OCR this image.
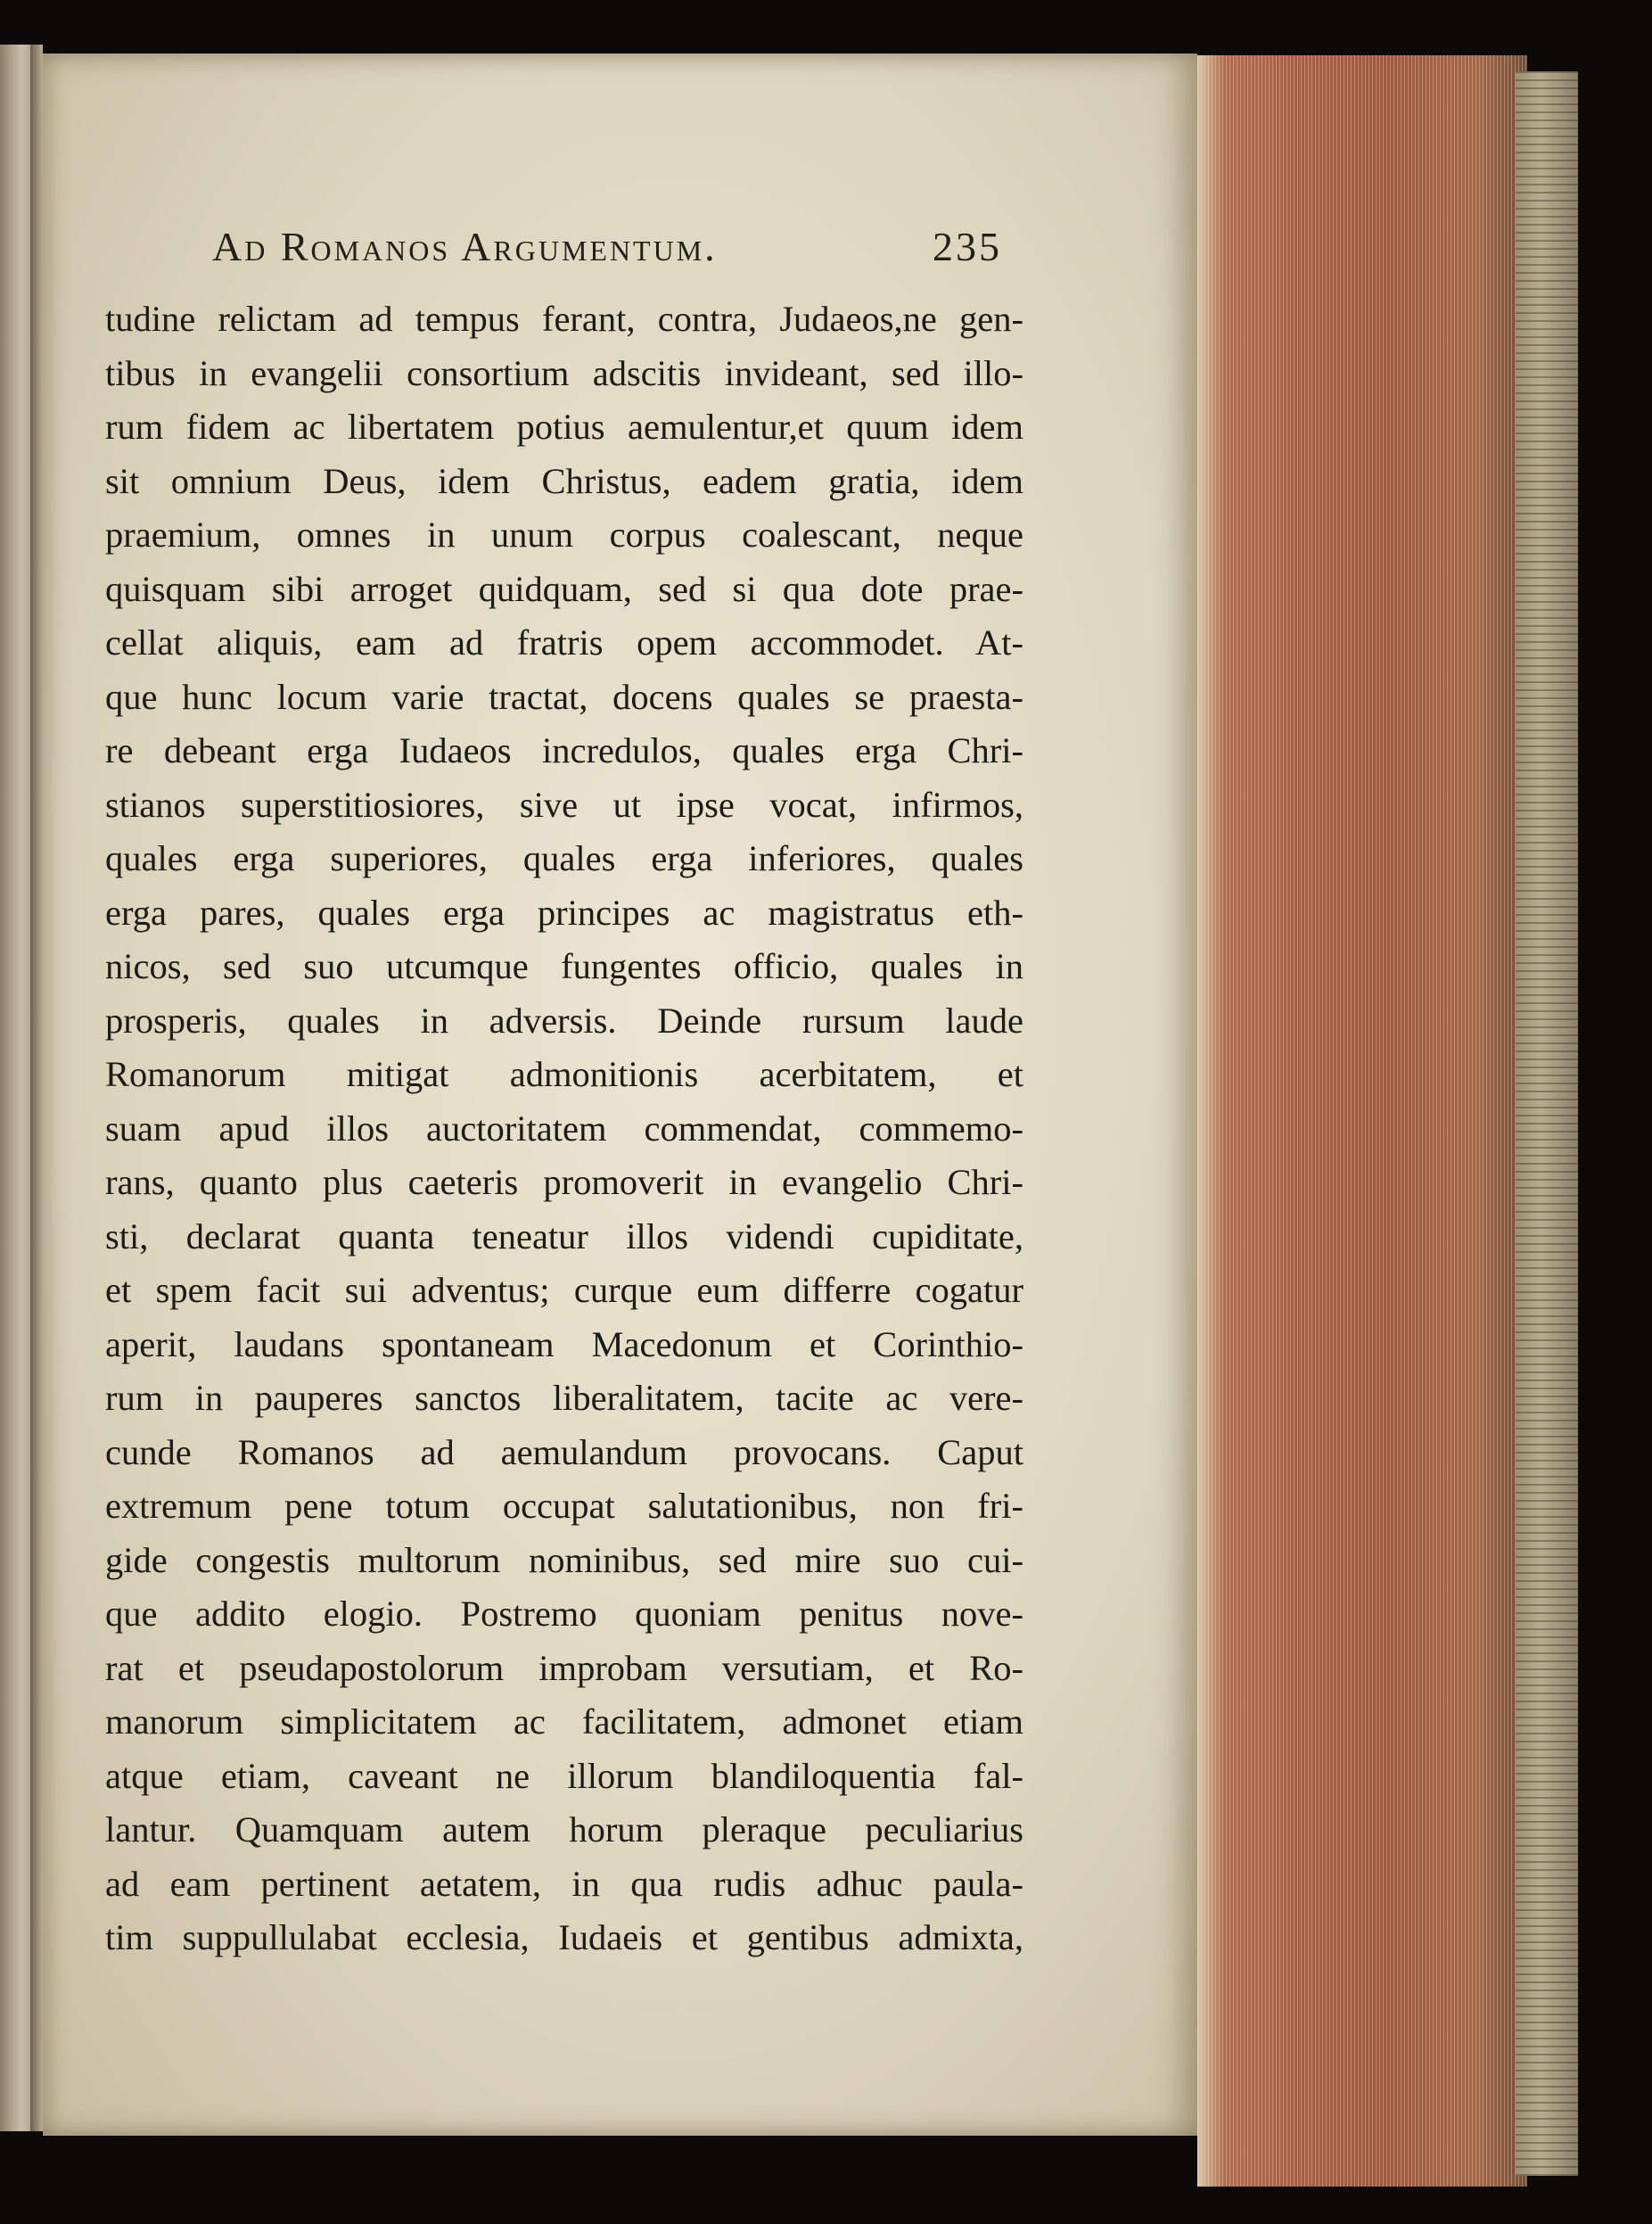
Ad Romanos Argumentum.	235
tudine relictam ad tempus ferant, contra, Judaeos,ne gen-
tibus in evangelii consortium adscitis invideant, sed illo-
rum fidem ac libertatem potius aemulentur,et quum idem
sit omnium Deus, idem Christus, eadem gratia, idem
praemium, omnes in unum corpus coalescant, neque
quisquam sibi arroget quidquam, sed si qua dote prae-
cellat aliquis, eam ad fratris opem accommodet. At-
que hunc locum varie tractat, docens quales se praesta-
re debeant erga Iudaeos incredulos, quales erga Chri-
stianos superstitiosiores, sive ut ipse vocat, infirmos,
quales erga superiores, quales erga inferiores, quales
erga pares, quales erga principes ac magistratus eth-
nicos, sed suo utcumque fungentes officio, quales in
prosperis, quales in adversis. Deinde rursum laude
Romanorum mitigat admonitionis acerbitatem, et
suam apud illos auctoritatem commendat, commemo-
rans, quanto plus caeteris promoverit in evangelio Chri-
sti, declarat quanta teneatur illos videndi cupiditate,
et spem facit sui adventus; curque eum differre cogatur
aperit, laudans spontaneam Macedonum et Corinthio-
rum in pauperes sanctos liberalitatem, tacite ac vere-
cunde Romanos ad aemulandum provocans. Caput
extremum pene totum occupat salutationibus, non fri-
gide congestis multorum nominibus, sed mire suo cui-
que addito elogio. Postremo quoniam penitus nove-
rat et pseudapostolorum improbam versutiam, et Ro-
manorum simplicitatem ac facilitatem, admonet etiam
atque etiam, caveant ne illorum blandiloquentia fal-
lantur. Quamquam autem horum pleraque peculiarius
ad eam pertinent aetatem, in qua rudis adhuc paula-
tim suppullulabat ecclesia, Iudaeis et gentibus admixta,
